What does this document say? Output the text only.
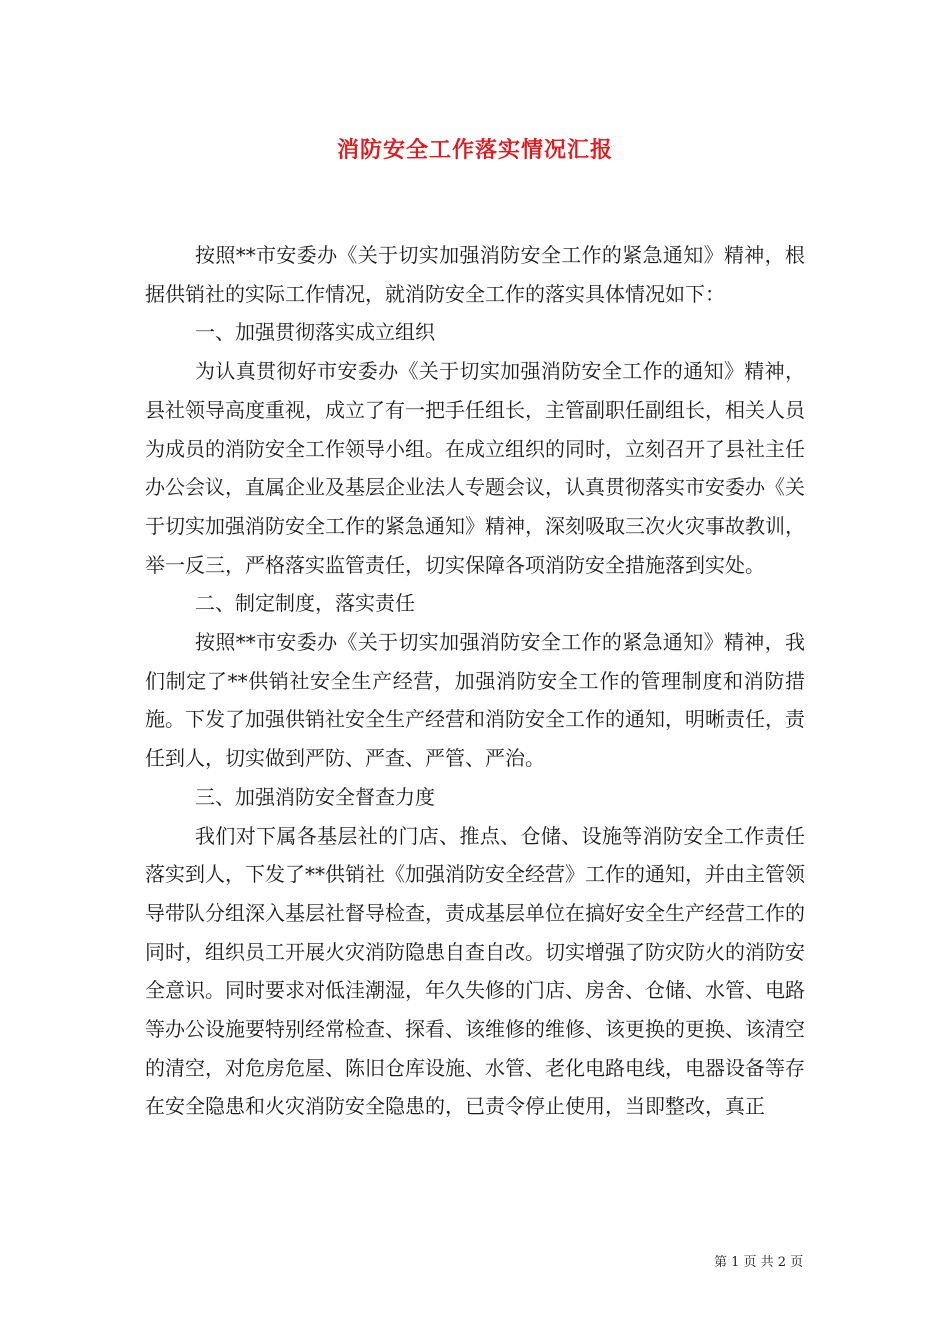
消防安全工作落实情况汇报

按照**市安委办《关于切实加强消防安全工作的紧急通知》精神，根据供销社的实际工作情况，就消防安全工作的落实具体情况如下：

一、加强贯彻落实成立组织

为认真贯彻好市安委办《关于切实加强消防安全工作的通知》精神，县社领导高度重视，成立了有一把手任组长，主管副职任副组长，相关人员为成员的消防安全工作领导小组。在成立组织的同时，立刻召开了县社主任办公会议，直属企业及基层企业法人专题会议，认真贯彻落实市安委办《关于切实加强消防安全工作的紧急通知》精神，深刻吸取三次火灾事故教训，举一反三，严格落实监管责任，切实保障各项消防安全措施落到实处。

二、制定制度，落实责任

按照**市安委办《关于切实加强消防安全工作的紧急通知》精神，我们制定了**供销社安全生产经营，加强消防安全工作的管理制度和消防措施。下发了加强供销社安全生产经营和消防安全工作的通知，明晰责任，责任到人，切实做到严防、严查、严管、严治。

三、加强消防安全督查力度

我们对下属各基层社的门店、推点、仓储、设施等消防安全工作责任落实到人，下发了**供销社《加强消防安全经营》工作的通知，并由主管领导带队分组深入基层社督导检查，责成基层单位在搞好安全生产经营工作的同时，组织员工开展火灾消防隐患自查自改。切实增强了防灾防火的消防安全意识。同时要求对低洼潮湿，年久失修的门店、房舍、仓储、水管、电路等办公设施要特别经常检查、探看、该维修的维修、该更换的更换、该清空的清空，对危房危屋、陈旧仓库设施、水管、老化电路电线，电器设备等存在安全隐患和火灾消防安全隐患的，已责令停止使用，当即整改，真正

第 1 页 共 2 页
